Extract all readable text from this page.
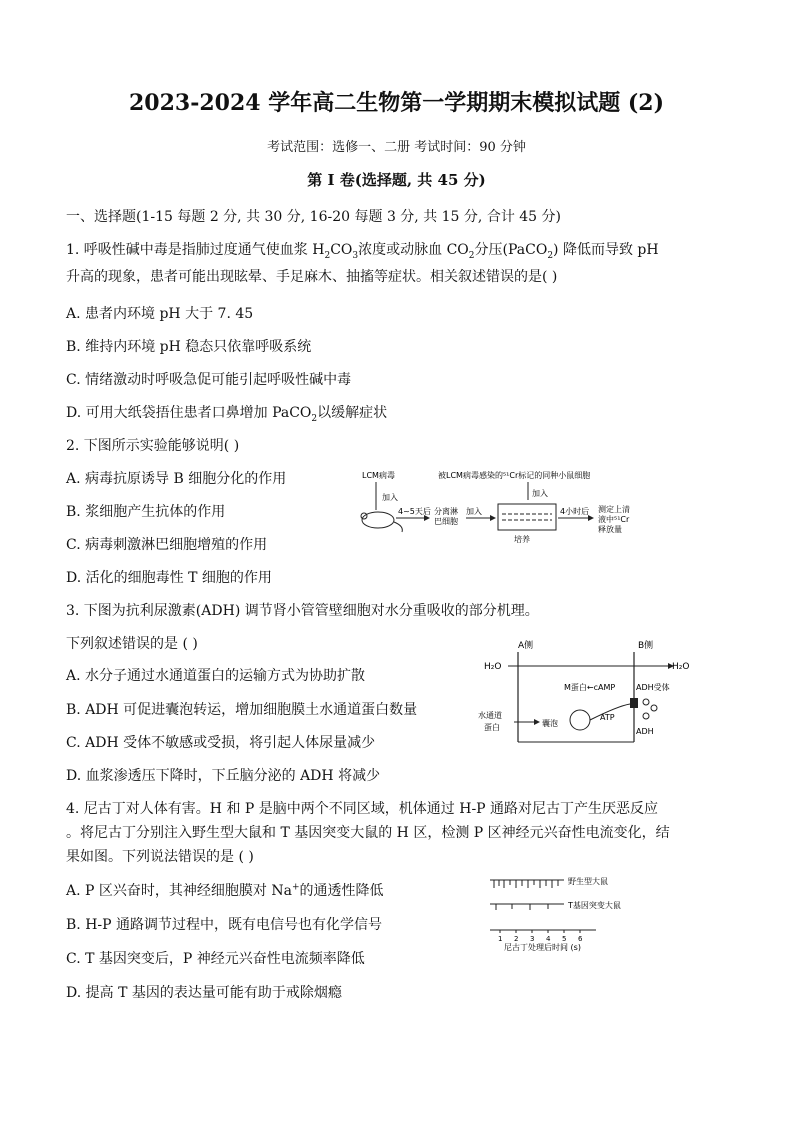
2023-2024 学年高二生物第一学期期末模拟试题 (2)
考试范围：选修一、二册 考试时间：90 分钟
第 I 卷(选择题, 共 45 分)
一、选择题(1-15 每题 2 分, 共 30 分, 16-20 每题 3 分, 共 15 分, 合计 45 分)
1. 呼吸性碱中毒是指肺过度通气使血浆 $H_2CO_3$浓度或动脉血 $CO_2$分压(PaCO$_2$) 降低而导致 pH
升高的现象，患者可能出现眩晕、手足麻木、抽搐等症状。相关叙述错误的是( )
A. 患者内环境 pH 大于 7. 45
B. 维持内环境 pH 稳态只依靠呼吸系统
C. 情绪激动时呼吸急促可能引起呼吸性碱中毒
D. 可用大纸袋捂住患者口鼻增加 PaCO$_2$以缓解症状
2. 下图所示实验能够说明( )
A. 病毒抗原诱导 B 细胞分化的作用
B. 浆细胞产生抗体的作用
C. 病毒刺激淋巴细胞增殖的作用
D. 活化的细胞毒性 T 细胞的作用
LCM病毒	被LCM病毒感染的⁵¹Cr标记的同种小鼠细胞
加入
4~5天后 分离淋
巴细胞
加入
加入
培养
4小时后 测定上清
液中⁵¹Cr
释放量
3. 下图为抗利尿激素(ADH) 调节肾小管管壁细胞对水分重吸收的部分机理。
下列叙述错误的是 ( )
A. 水分子通过水通道蛋白的运输方式为协助扩散
B. ADH 可促进囊泡转运，增加细胞膜土水通道蛋白数量
C. ADH 受体不敏感或受损，将引起人体尿量减少
D. 血浆渗透压下降时，下丘脑分泌的 ADH 将减少
A侧	B侧
H₂O	H₂O
M蛋白←cAMP	ADH受体
ATP
水通道
蛋白	囊泡
ADH
4. 尼古丁对人体有害。H 和 P 是脑中两个不同区域，机体通过 H-P 通路对尼古丁产生厌恶反应
。将尼古丁分别注入野生型大鼠和 T 基因突变大鼠的 H 区，检测 P 区神经元兴奋性电流变化，结
果如图。下列说法错误的是 ( )
A. P 区兴奋时，其神经细胞膜对 Na+的通透性降低
B. H-P 通路调节过程中，既有电信号也有化学信号
C. T 基因突变后，P 神经元兴奋性电流频率降低
D. 提高 T 基因的表达量可能有助于戒除烟瘾
野生型大鼠
T基因突变大鼠
1 2 3 4 5 6
尼古丁处理后时间 (s)
